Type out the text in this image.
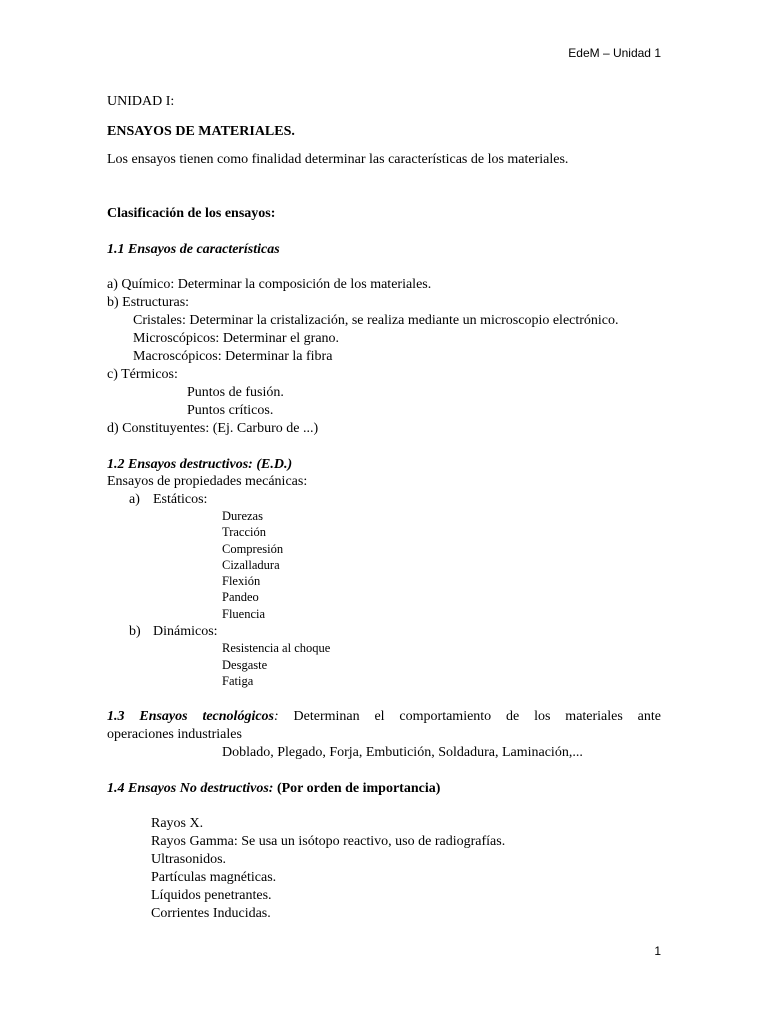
EdeM – Unidad 1
UNIDAD I:
ENSAYOS DE MATERIALES.
Los ensayos tienen como finalidad determinar las características de los materiales.
Clasificación de los ensayos:
1.1 Ensayos de características
a) Químico: Determinar la composición de los materiales.
b) Estructuras:
Cristales: Determinar la cristalización, se realiza mediante un microscopio electrónico.
Microscópicos: Determinar el grano.
Macroscópicos: Determinar la fibra
c) Térmicos:
Puntos de fusión.
Puntos críticos.
d) Constituyentes: (Ej. Carburo de ...)
1.2 Ensayos destructivos: (E.D.)
Ensayos de propiedades mecánicas:
a) Estáticos:
Durezas
Tracción
Compresión
Cizalladura
Flexión
Pandeo
Fluencia
b) Dinámicos:
Resistencia al choque
Desgaste
Fatiga
1.3 Ensayos tecnológicos: Determinan el comportamiento de los materiales ante
operaciones industriales
Doblado, Plegado, Forja, Embutición, Soldadura, Laminación,...
1.4 Ensayos No destructivos: (Por orden de importancia)
Rayos X.
Rayos Gamma: Se usa un isótopo reactivo, uso de radiografías.
Ultrasonidos.
Partículas magnéticas.
Líquidos penetrantes.
Corrientes Inducidas.
1
